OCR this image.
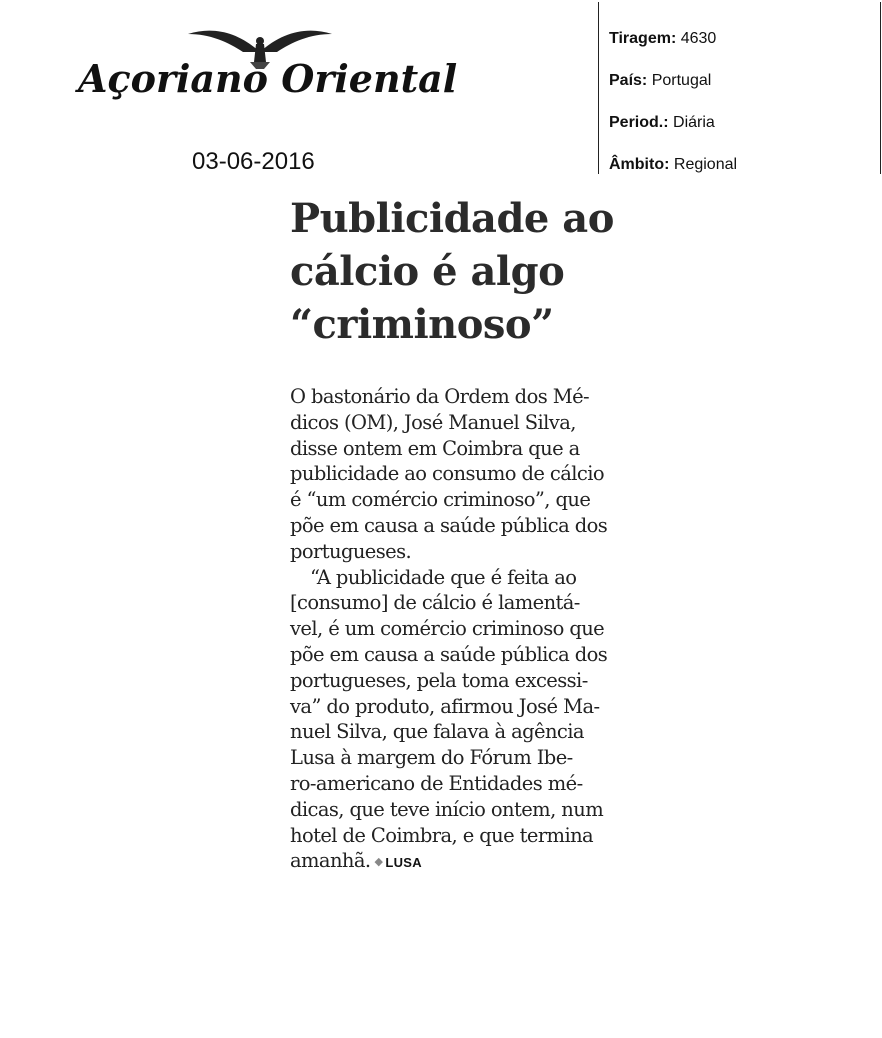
Açoriano Oriental
03-06-2016
Tiragem: 4630
País: Portugal
Period.: Diária
Âmbito: Regional
Publicidade ao
cálcio é algo
“criminoso”
O bastonário da Ordem dos Mé-
dicos (OM), José Manuel Silva,
disse ontem em Coimbra que a
publicidade ao consumo de cálcio
é “um comércio criminoso”, que
põe em causa a saúde pública dos
portugueses.
“A publicidade que é feita ao
[consumo] de cálcio é lamentá-
vel, é um comércio criminoso que
põe em causa a saúde pública dos
portugueses, pela toma excessi-
va” do produto, afirmou José Ma-
nuel Silva, que falava à agência
Lusa à margem do Fórum Ibe-
ro-americano de Entidades mé-
dicas, que teve início ontem, num
hotel de Coimbra, e que termina
amanhã. ◆ LUSA
